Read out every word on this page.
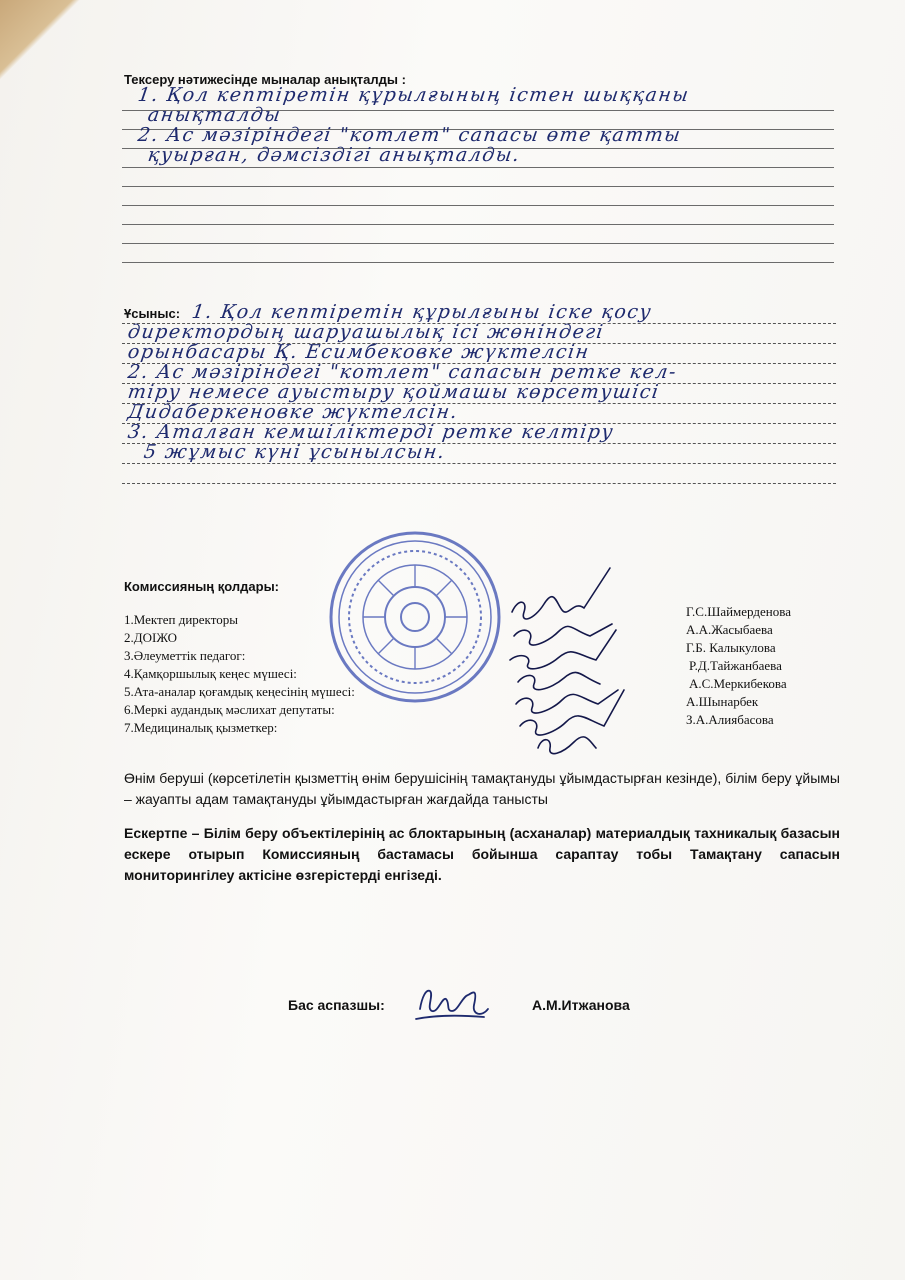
Тексеру нәтижесінде мыналар анықталды :
1. Қол кептіретін құрылғының істен шыққаны
анықталды
2. Ас мәзіріндегі "котлет" сапасы өте қатты
қуырған, дәмсіздігі анықталды.
Ұсыныс: 1. Қол кептіретін құрылғыны іске қосу
директордың шаруашылық ісі жөніндегі
орынбасары Қ. Есимбековке жүктелсін
2. Ас мәзіріндегі "котлет" сапасын ретке кел-
тіру немесе ауыстыру қоймашы көрсетушісі
Дидаберкеновке жүктелсін.
3. Аталған кемшіліктерді ретке келтіру
5 жұмыс күні ұсынылсын.
Комиссияның қолдары:
1.Мектеп директоры
2.ДОІЖО
3.Әлеуметтік педагог:
4.Қамқоршылық кеңес мүшесі:
5.Ата-аналар қоғамдық кеңесінің мүшесі:
6.Меркі аудандық мәслихат депутаты:
7.Медициналық қызметкер:
Г.С.Шаймерденова
А.А.Жасыбаева
Г.Б. Калыкулова
Р.Д.Тайжанбаева
А.С.Меркибекова
А.Шынарбек
З.А.Алиябасова
Өнім беруші (көрсетілетін қызметтің өнім берушісінің тамақтануды ұйымдастырған кезінде), білім беру ұйымы – жауапты адам тамақтануды ұйымдастырған жағдайда танысты
Ескертпе – Білім беру объектілерінің ас блоктарының (асханалар) материалдық тахникалық базасын ескере отырып Комиссияның бастамасы бойынша сараптау тобы Тамақтану сапасын мониторингілеу актісіне өзгерістерді енгізеді.
Бас аспазшы:	А.М.Итжанова
